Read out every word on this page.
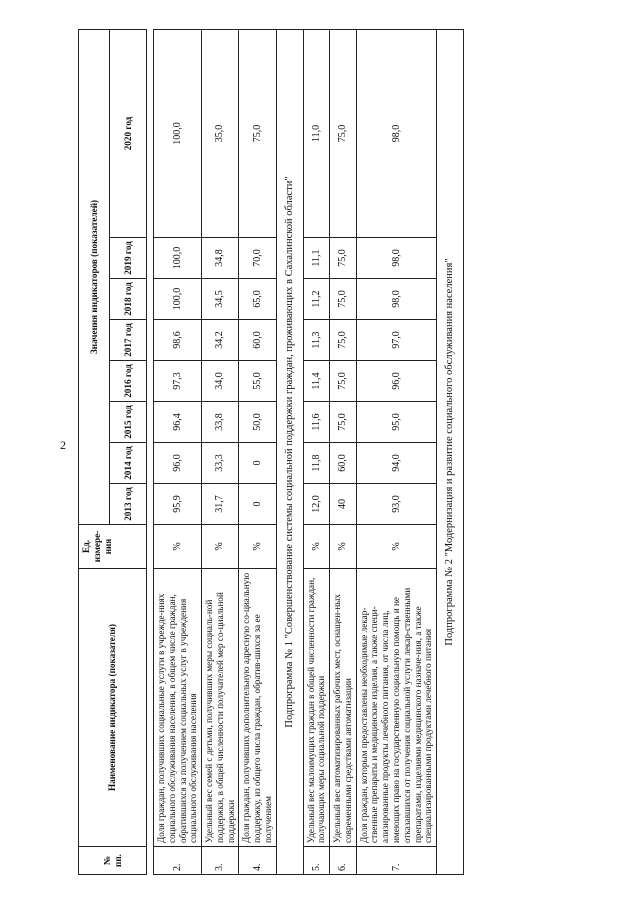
2
№ пп.	Наименование индикатора (показателя)	Ед. измере-ния	Значения индикаторов (показателей)							
			2013 год	2014 год	2015 год	2016 год	2017 год	2018 год	2019 год	2020 год

2.	Доля граждан, получивших социальные услуги в учрежде-ниях социального обслуживания населения, в общем числе граждан, обратившихся за получением социальных услуг в учреждения социального обслуживания населения	%	95,9	96,0	96,4	97,3	98,6	100,0	100,0	100,0
3.	Удельный вес семей с детьми, получивших меры социаль-ной поддержки, в общей численности получателей мер со-циальной поддержки	%	31,7	33,3	33,8	34,0	34,2	34,5	34,8	35,0
4.	Доля граждан, получивших дополнительную адресную со-циальную поддержку, из общего числа граждан, обратив-шихся за ее получением	%	0	0	50,0	55,0	60,0	65,0	70,0	75,0
Подпрограмма № 1 "Совершенствование системы социальной поддержки граждан, проживающих в Сахалинской области"										
5.	Удельный вес малоимущих граждан в общей численности граждан, получающих меры социальной поддержки	%	12,0	11,8	11,6	11,4	11,3	11,2	11,1	11,0
6.	Удельный вес автоматизированных рабочих мест, оснащен-ных современными средствами автоматизации	%	40	60,0	75,0	75,0	75,0	75,0	75,0	75,0
7.	Доля граждан, которым предоставлены необходимые лекар-ственные препараты и медицинские изделия, а также специ-ализированные продукты лечебного питания, от числа лиц, имеющих право на государственную социальную помощь и не отказавшихся от получения социальной услуги лекар-ственными препаратами, изделиями медицинского назначе-ния, а также специализированными продуктами лечебного питания	%	93,0	94,0	95,0	96,0	97,0	98,0	98,0	98,0
Подпрограмма № 2 "Модернизация и развитие социального обслуживания населения"										
